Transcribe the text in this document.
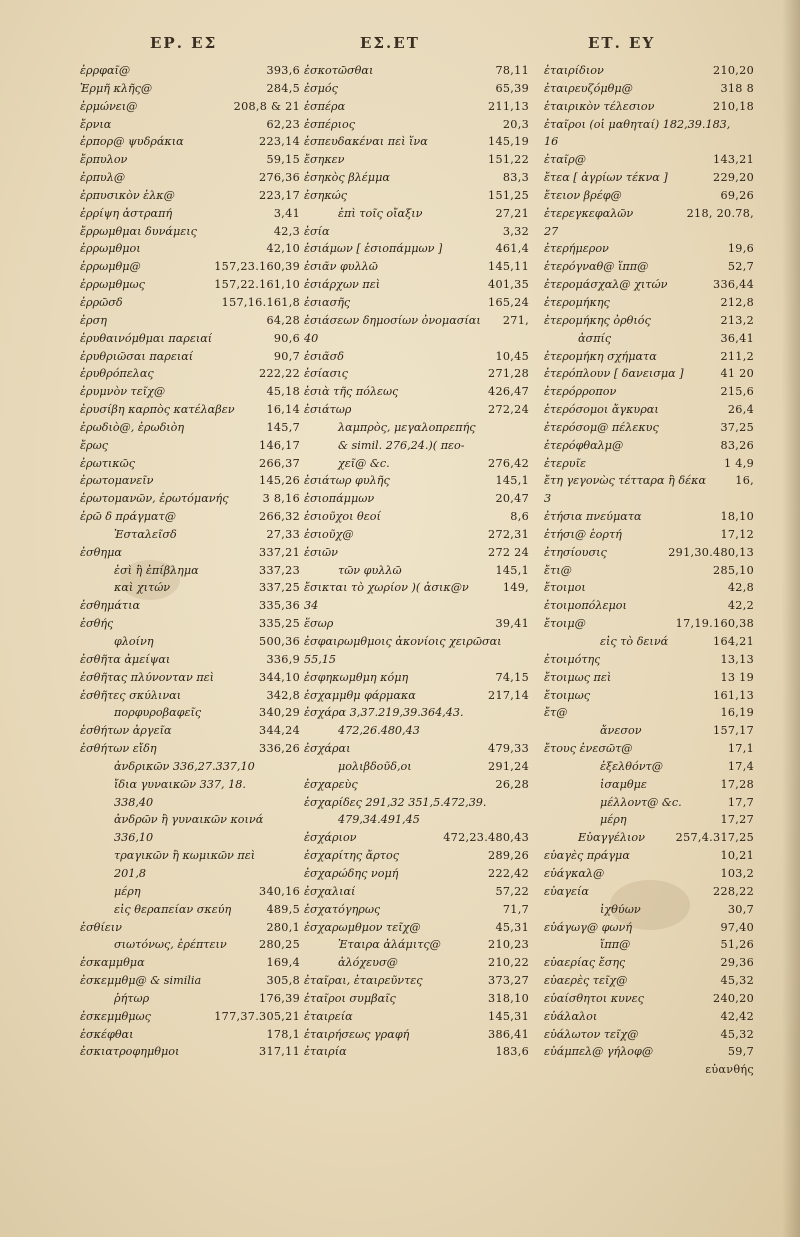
ΕΡ. ΕΣ	ΕΣ.ΕΤ	ΕΤ. ΕΥ
ἐρρφαῖ@	393,6
Ἑρμῆ κλῆς@	284,5
ἑρμώνει@	208,8 & 21
ἔρνια	62,23
ἐρπορ@ ψυδράκια	223,14
ἔρπυλον	59,15
ἐρπυλ@	276,36
ἐρπυσικὸν ἑλκ@	223,17
ἐρρίψη ἀστραπή	3,41
ἔρρωμθμαι δυνάμεις	42,3
ἐρρωμθμοι	42,10
ἐρρωμθμ@	157,23.160,39
ἐρρωμθμως	157,22.161,10
ἐρρῶσδ	157,16.161,8
ἐρση	64,28
ἐρυθαινόμθμαι παρειαί	90,6
ἐρυθριῶσαι παρειαί	90,7
ἐρυθρόπελας	222,22
ἐρυμνὸν τεῖχ@	45,18
ἐρυσίβη καρπὸς κατέλαβεν	16,14
ἐρωδιὸ@, ἐρωδιὸη	145,7
ἔρως	146,17
ἐρωτικῶς	266,37
ἐρωτομανεῖν	145,26
ἐρωτομανῶν, ἐρωτόμανής	3 8,16
ἐρῶ δ πράγματ@	266,32
Ἐσταλεῖσδ	27,33
ἐσθημα	337,21
ἐσὶ ἢ ἐπίβλημα	337,23
καὶ χιτών	337,25
ἐσθημάτια	335,36
ἐσθής	335,25
φλοίνη	500,36
ἐσθῆτα ἀμείψαι	336,9
ἐσθῆτας πλύνονταν πεὶ	344,10
ἐσθῆτες σκύλιναι	342,8
πορφυροβαφεῖς	340,29
ἐσθήτων ἀργεῖα	344,24
ἐσθήτων εἴδη	336,26
ἀνδρικῶν 336,27.337,10
ἴδια γυναικῶν 337, 18.
338,40
ἀνδρῶν ἢ γυναικῶν κοινά
336,10
τραγικῶν ἢ κωμικῶν πεὶ
201,8
μέρη	340,16
εἰς θεραπείαν σκεύη	489,5
ἐσθίειν	280,1
σιωτόνως, ἐρέπτειν	280,25
ἐσκαμμθμα	169,4
ἐσκεμμθμ@ & similia	305,8
ῥήτωρ	176,39
ἐσκεμμθμως	177,37.305,21
ἐσκέφθαι	178,1
ἐσκιατροφημθμοι	317,11
ἐσκοτῶσθαι	78,11
ἐσμός	65,39
ἑσπέρα	211,13
ἑσπέριος	20,3
ἑσπευδακέναι πεὶ ἵνα	145,19
ἔσηκεν	151,22
ἑσηκὸς βλέμμα	83,3
ἑσηκώς	151,25
ἐπὶ τοῖς οἴαξιν	27,21
ἑσία	3,32
ἑσιάμων [ ἑσιοπάμμων ]	461,4
ἑσιᾶν φυλλῶ	145,11
ἑσιάρχων πεὶ	401,35
ἑσιασῆς	165,24
ἑσιάσεων δημοσίων ὀνομασίαι	271,
40
ἑσιᾶσδ	10,45
ἑσίασις	271,28
ἑσιὰ τῆς πόλεως	426,47
ἑσιάτωρ	272,24
λαμπρὸς, μεγαλοπρεπής
& simil. 276,24.)( πεο-
χεῖ@ &c.	276,42
ἑσιάτωρ φυλῆς	145,1
ἑσιοπάμμων	20,47
ἑσιοῦχοι θεοί	8,6
ἑσιοῦχ@	272,31
ἑσιῶν	272 24
τῶν φυλλῶ	145,1
ἔσικται τὸ χωρίον )( ἀσικ@ν	149,
34
ἕσωρ	39,41
ἐσφαιρωμθμοις ἀκονίοις χειρῶσαι
55,15
ἐσφηκωμθμη κόμη	74,15
ἐσχαμμθμ φάρμακα	217,14
ἐσχάρα 3,37.219,39.364,43.
472,26.480,43
ἐσχάραι	479,33
μολιβδοῦδ,οι	291,24
ἐσχαρεὺς	26,28
ἐσχαρίδες 291,32 351,5.472,39.
479,34.491,45
ἐσχάριον	472,23.480,43
ἐσχαρίτης ἄρτος	289,26
ἐσχαρώδης νομή	222,42
ἐσχαλιαί	57,22
ἐσχατόγηρως	71,7
ἐσχαρωμθμον τεῖχ@	45,31
Ἐταιρα ἀλάμιτς@	210,23
ἀλόχευσ@	210,22
ἐταῖραι, ἐταιρεῦντες	373,27
ἐταῖροι συμβαῖς	318,10
ἐταιρεία	145,31
ἐταιρήσεως γραφή	386,41
ἐταιρία	183,6
ἐταιρίδιον	210,20
ἐταιρευζόμθμ@	318 8
ἐταιρικὸν τέλεσιον	210,18
ἐταῖροι (οἱ μαθηταί) 182,39.183,
16
ἐταῖρ@	143,21
ἔτεα [ ἀγρίων τέκνα ]	229,20
ἔτειον βρέφ@	69,26
ἐτερεγκεφαλῶν	218, 20.78,
27
ἐτερήμερον	19,6
ἐτερόγναθ@ ἵππ@	52,7
ἐτερομάσχαλ@ χιτών	336,44
ἐτερομήκης	212,8
ἐτερομήκης ὀρθιός	213,2
ἀσπίς	36,41
ἐτερομήκη σχήματα	211,2
ἐτερόπλουν [ δανεισμα ]	41 20
ἐτερόρροπον	215,6
ἐτερόσομοι ἄγκυραι	26,4
ἐτερόσομ@ πέλεκυς	37,25
ἐτερόφθαλμ@	83,26
ἐτερυῖε	1 4,9
ἔτη γεγονὼς τέτταρα ἢ δέκα	16,
3
ἐτήσια πνεύματα	18,10
ἐτήσι@ ἑορτή	17,12
ἐτησίουσις	291,30.480,13
ἔτι@	285,10
ἔτοιμοι	42,8
ἐτοιμοπόλεμοι	42,2
ἔτοιμ@	17,19.160,38
εἰς τὸ δεινά	164,21
ἐτοιμότης	13,13
ἔτοιμως πεὶ	13 19
ἔτοιμως	161,13
ἔτ@	16,19
ἄνεσον	157,17
ἔτους ἐνεσῶτ@	17,1
ἐξελθόντ@	17,4
ἱσαμθμε	17,28
μέλλοντ@ &c.	17,7
μέρη	17,27
Εὐαγγέλιον	257,4.317,25
εὐαγὲς πράγμα	10,21
εὐάγκαλ@	103,2
εὐαγεία	228,22
ἰχθύων	30,7
εὐάγωγ@ φωνή	97,40
ἵππ@	51,26
εὐαερίας ἔσης	29,36
εὐαερὲς τεῖχ@	45,32
εὐαίσθητοι κυνες	240,20
εὐάλαλοι	42,42
εὐάλωτον τεῖχ@	45,32
εὐάμπελ@ γήλοφ@	59,7
εὐανθής
